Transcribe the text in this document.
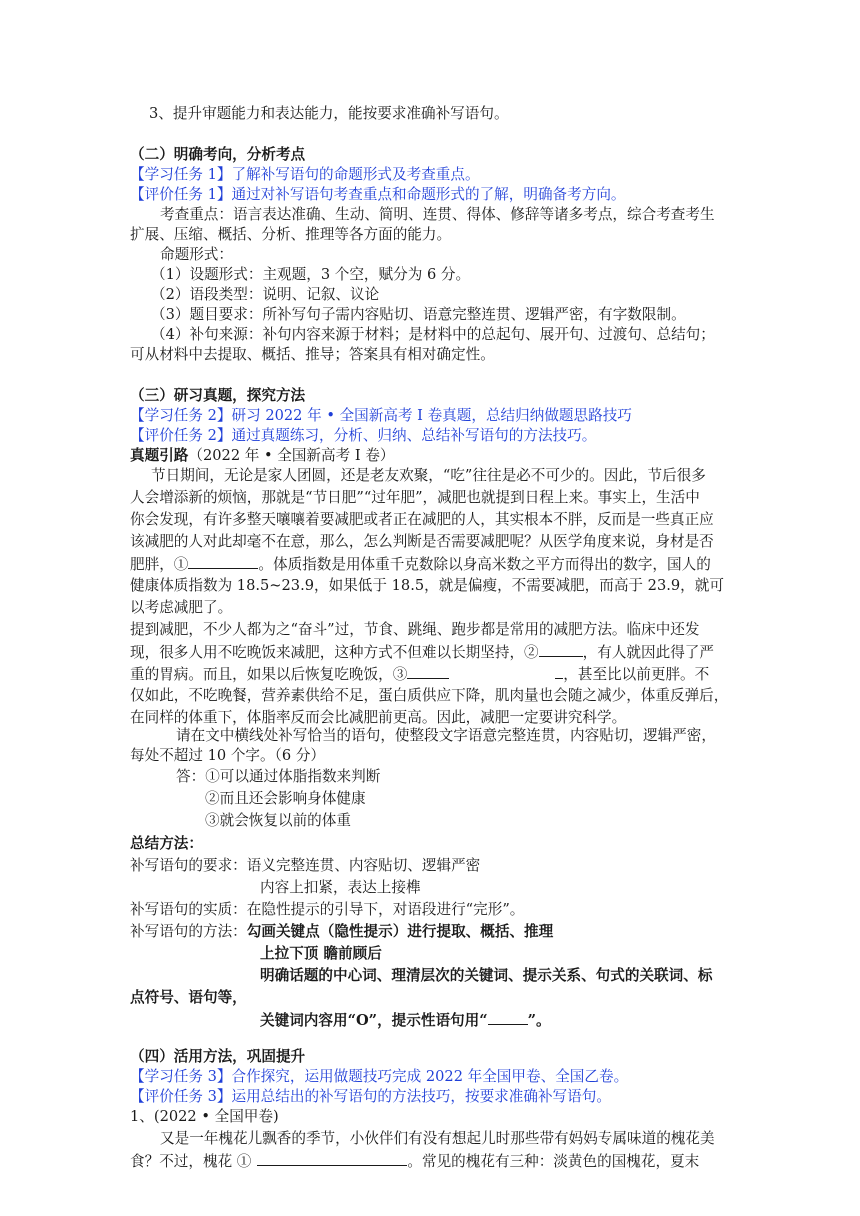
3、提升审题能力和表达能力，能按要求准确补写语句。
（二）明确考向，分析考点
【学习任务 1】了解补写语句的命题形式及考查重点。
【评价任务 1】通过对补写语句考查重点和命题形式的了解，明确备考方向。
考查重点：语言表达准确、生动、简明、连贯、得体、修辞等诸多考点，综合考查考生
扩展、压缩、概括、分析、推理等各方面的能力。
命题形式：
（1）设题形式：主观题，3 个空，赋分为 6 分。
（2）语段类型：说明、记叙、议论
（3）题目要求：所补写句子需内容贴切、语意完整连贯、逻辑严密，有字数限制。
（4）补句来源：补句内容来源于材料；是材料中的总起句、展开句、过渡句、总结句；
可从材料中去提取、概括、推导；答案具有相对确定性。
（三）研习真题，探究方法
【学习任务 2】研习 2022 年 • 全国新高考 I 卷真题，总结归纳做题思路技巧
【评价任务 2】通过真题练习，分析、归纳、总结补写语句的方法技巧。
真题引路（2022 年 • 全国新高考 I 卷）
节日期间，无论是家人团圆，还是老友欢聚，“吃”往往是必不可少的。因此，节后很多
人会增添新的烦恼，那就是“节日肥”“过年肥”，减肥也就提到日程上来。事实上，生活中
你会发现，有许多整天嚷嚷着要减肥或者正在减肥的人，其实根本不胖，反而是一些真正应
该减肥的人对此却毫不在意，那么，怎么判断是否需要减肥呢？从医学角度来说，身材是否
肥胖，①	。体质指数是用体重千克数除以身高米数之平方而得出的数字，国人的
健康体质指数为 18.5~23.9，如果低于 18.5，就是偏瘦，不需要减肥，而高于 23.9，就可
以考虑减肥了。
提到减肥，不少人都为之“奋斗”过，节食、跳绳、跑步都是常用的减肥方法。临床中还发
现，很多人用不吃晚饭来减肥，这种方式不但难以长期坚持，②	，有人就因此得了严
重的胃病。而且，如果以后恢复吃晚饭，③	，甚至比以前更胖。不
仅如此，不吃晚餐，营养素供给不足，蛋白质供应下降，肌肉量也会随之减少，体重反弹后，
在同样的体重下，体脂率反而会比减肥前更高。因此，减肥一定要讲究科学。
请在文中横线处补写恰当的语句，使整段文字语意完整连贯，内容贴切，逻辑严密，
每处不超过 10 个字。（6 分）
答：①可以通过体脂指数来判断
②而且还会影响身体健康
③就会恢复以前的体重
总结方法：
补写语句的要求：语义完整连贯、内容贴切、逻辑严密
内容上扣紧，表达上接榫
补写语句的实质：在隐性提示的引导下，对语段进行“完形”。
补写语句的方法：勾画关键点（隐性提示）进行提取、概括、推理
上拉下顶 瞻前顾后
明确话题的中心词、理清层次的关键词、提示关系、句式的关联词、标
点符号、语句等，
关键词内容用“O”，提示性语句用“	”。
（四）活用方法，巩固提升
【学习任务 3】合作探究，运用做题技巧完成 2022 年全国甲卷、全国乙卷。
【评价任务 3】运用总结出的补写语句的方法技巧，按要求准确补写语句。
1、(2022 • 全国甲卷)
又是一年槐花儿飘香的季节，小伙伴们有没有想起儿时那些带有妈妈专属味道的槐花美
食？不过，槐花 ①	。常见的槐花有三种：淡黄色的国槐花，夏末
